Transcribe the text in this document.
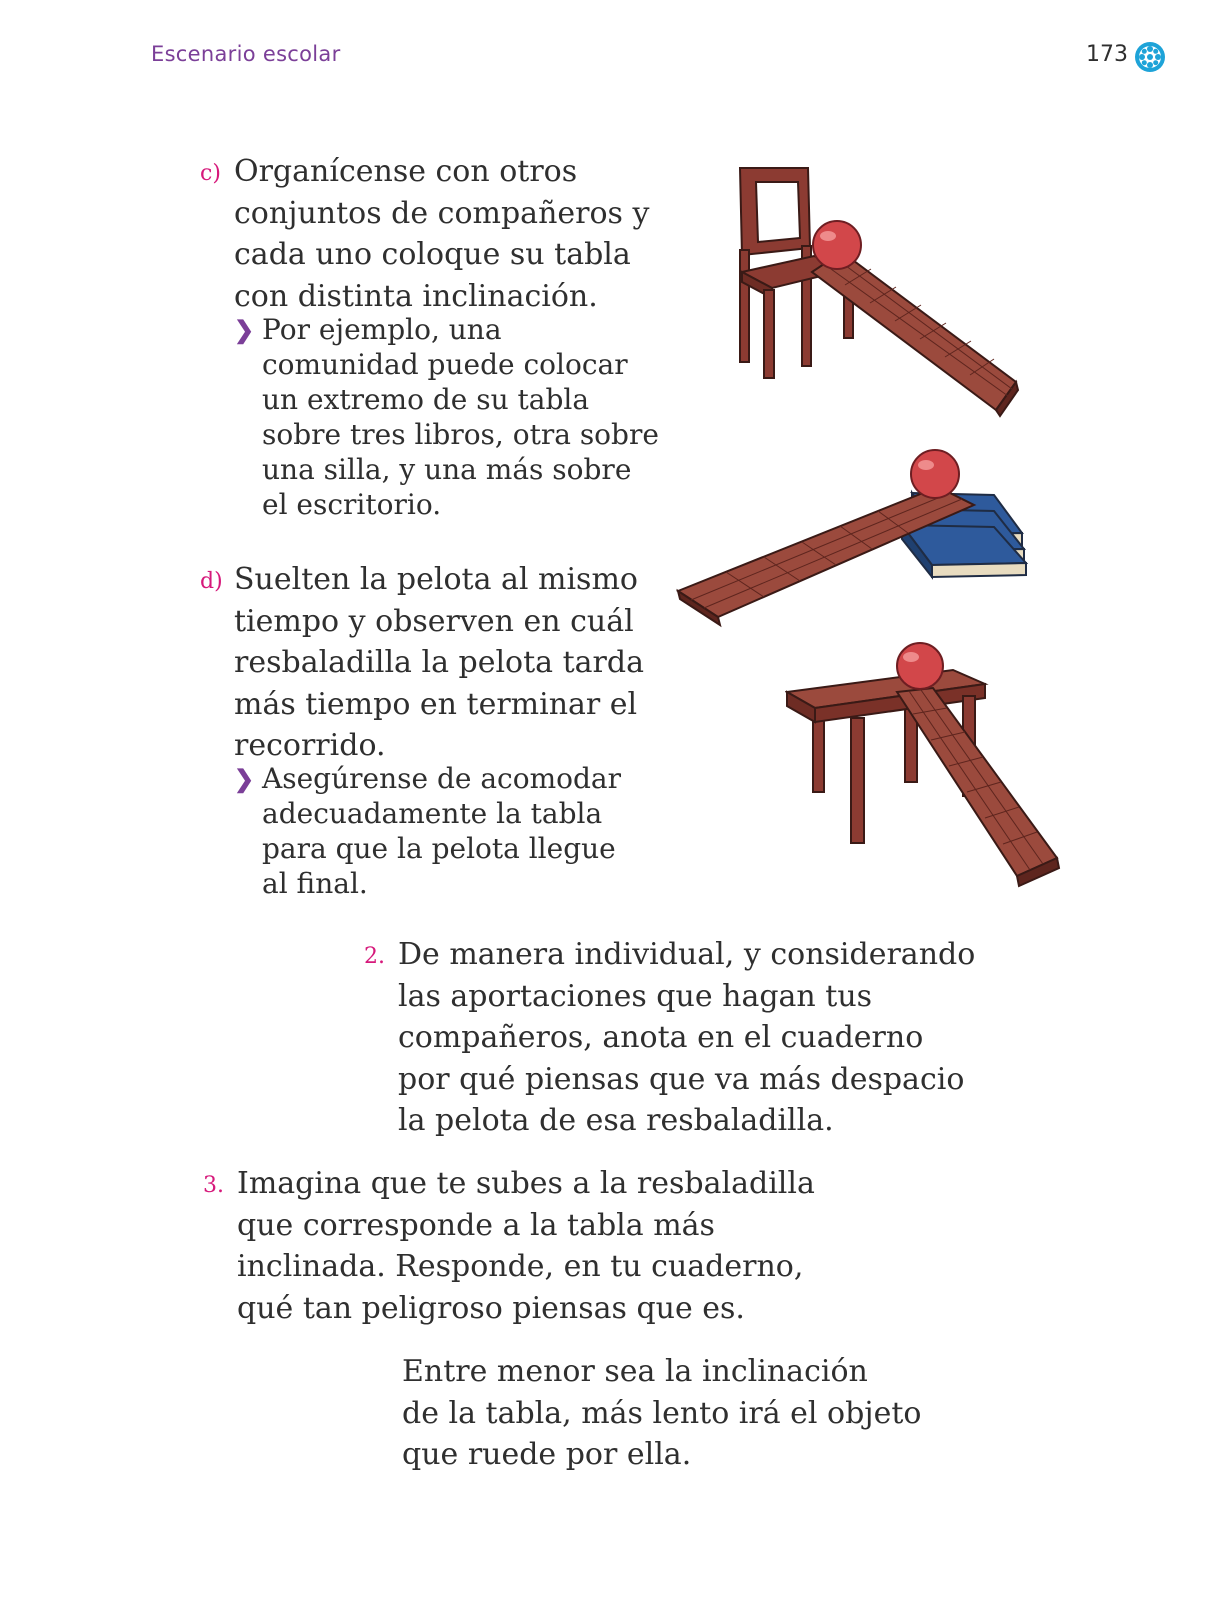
Escenario escolar	173
c) Organícense con otros
conjuntos de compañeros y
cada uno coloque su tabla
con distinta inclinación.

❯ Por ejemplo, una
comunidad puede colocar
un extremo de su tabla
sobre tres libros, otra sobre
una silla, y una más sobre
el escritorio.

d) Suelten la pelota al mismo
tiempo y observen en cuál
resbaladilla la pelota tarda
más tiempo en terminar el
recorrido.

❯ Asegúrense de acomodar
adecuadamente la tabla
para que la pelota llegue
al final.

2. De manera individual, y considerando
las aportaciones que hagan tus
compañeros, anota en el cuaderno
por qué piensas que va más despacio
la pelota de esa resbaladilla.

3. Imagina que te subes a la resbaladilla
que corresponde a la tabla más
inclinada. Responde, en tu cuaderno,
qué tan peligroso piensas que es.

Entre menor sea la inclinación
de la tabla, más lento irá el objeto
que ruede por ella.
